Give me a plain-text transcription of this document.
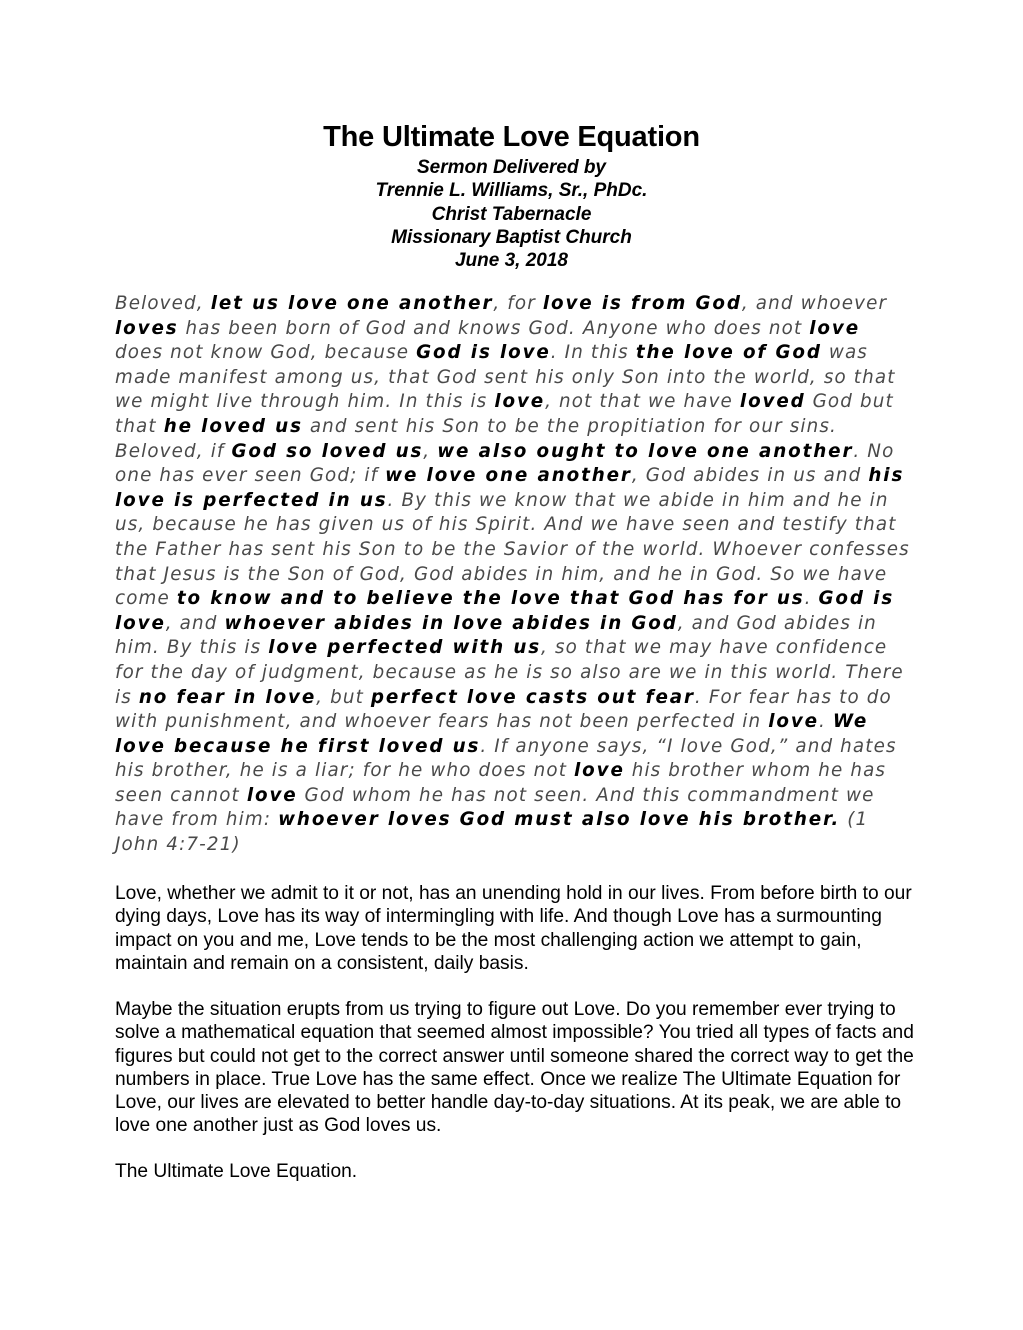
The Ultimate Love Equation

Sermon Delivered by

Trennie L. Williams, Sr., PhDc.

Christ Tabernacle

Missionary Baptist Church

June 3, 2018

Beloved, let us love one another, for love is from God, and whoever loves has been born of God and knows God. Anyone who does not love does not know God, because God is love. In this the love of God was made manifest among us, that God sent his only Son into the world, so that we might live through him. In this is love, not that we have loved God but that he loved us and sent his Son to be the propitiation for our sins. Beloved, if God so loved us, we also ought to love one another. No one has ever seen God; if we love one another, God abides in us and his love is perfected in us. By this we know that we abide in him and he in us, because he has given us of his Spirit. And we have seen and testify that the Father has sent his Son to be the Savior of the world. Whoever confesses that Jesus is the Son of God, God abides in him, and he in God. So we have come to know and to believe the love that God has for us. God is love, and whoever abides in love abides in God, and God abides in him. By this is love perfected with us, so that we may have confidence for the day of judgment, because as he is so also are we in this world. There is no fear in love, but perfect love casts out fear. For fear has to do with punishment, and whoever fears has not been perfected in love. We love because he first loved us. If anyone says, “I love God,” and hates his brother, he is a liar; for he who does not love his brother whom he has seen cannot love God whom he has not seen. And this commandment we have from him: whoever loves God must also love his brother. (1 John 4:7-21)

Love, whether we admit to it or not, has an unending hold in our lives. From before birth to our dying days, Love has its way of intermingling with life. And though Love has a surmounting impact on you and me, Love tends to be the most challenging action we attempt to gain, maintain and remain on a consistent, daily basis.

Maybe the situation erupts from us trying to figure out Love. Do you remember ever trying to solve a mathematical equation that seemed almost impossible? You tried all types of facts and figures but could not get to the correct answer until someone shared the correct way to get the numbers in place. True Love has the same effect. Once we realize The Ultimate Equation for Love, our lives are elevated to better handle day-to-day situations. At its peak, we are able to love one another just as God loves us.

The Ultimate Love Equation.
